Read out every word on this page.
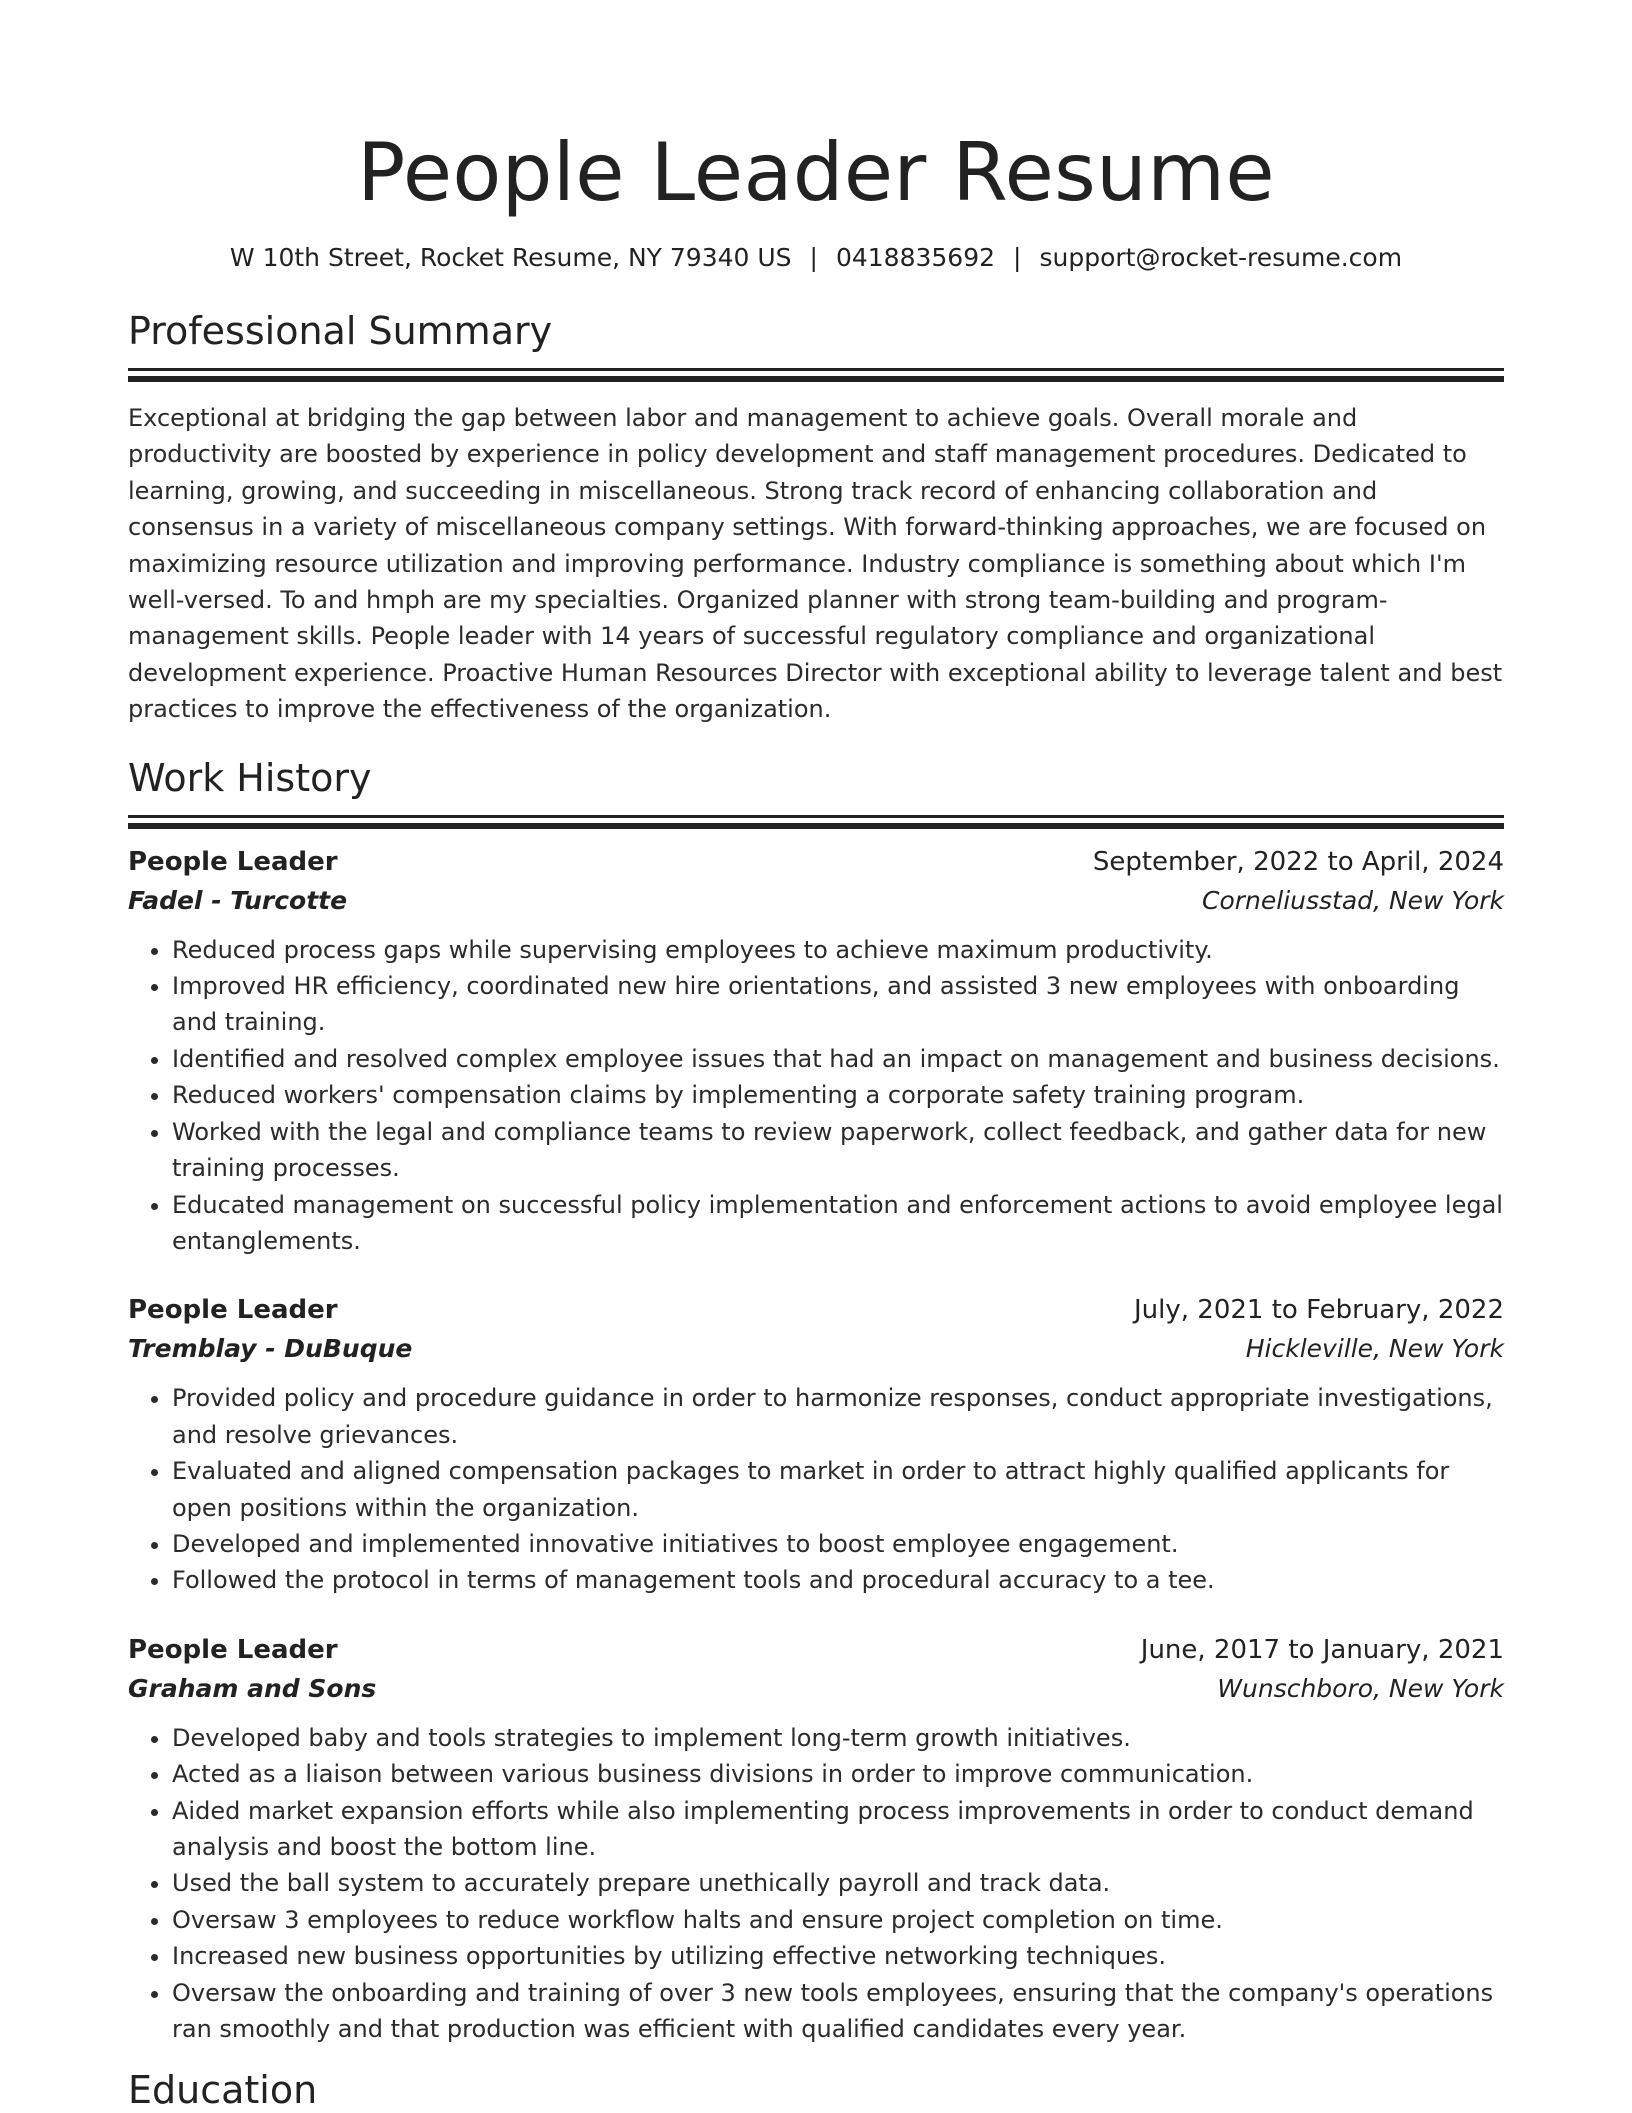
People Leader Resume
W 10th Street, Rocket Resume, NY 79340 US | 0418835692 | support@rocket-resume.com
Professional Summary

Exceptional at bridging the gap between labor and management to achieve goals. Overall morale and productivity are boosted by experience in policy development and staff management procedures. Dedicated to learning, growing, and succeeding in miscellaneous. Strong track record of enhancing collaboration and consensus in a variety of miscellaneous company settings. With forward-thinking approaches, we are focused on maximizing resource utilization and improving performance. Industry compliance is something about which I'm well-versed. To and hmph are my specialties. Organized planner with strong team-building and program-management skills. People leader with 14 years of successful regulatory compliance and organizational development experience. Proactive Human Resources Director with exceptional ability to leverage talent and best practices to improve the effectiveness of the organization.

Work History
People Leader	September, 2022 to April, 2024
Fadel - Turcotte	Corneliusstad, New York
• Reduced process gaps while supervising employees to achieve maximum productivity.
• Improved HR efficiency, coordinated new hire orientations, and assisted 3 new employees with onboarding and training.
• Identified and resolved complex employee issues that had an impact on management and business decisions.
• Reduced workers' compensation claims by implementing a corporate safety training program.
• Worked with the legal and compliance teams to review paperwork, collect feedback, and gather data for new training processes.
• Educated management on successful policy implementation and enforcement actions to avoid employee legal entanglements.
People Leader	July, 2021 to February, 2022
Tremblay - DuBuque	Hickleville, New York
• Provided policy and procedure guidance in order to harmonize responses, conduct appropriate investigations, and resolve grievances.
• Evaluated and aligned compensation packages to market in order to attract highly qualified applicants for open positions within the organization.
• Developed and implemented innovative initiatives to boost employee engagement.
• Followed the protocol in terms of management tools and procedural accuracy to a tee.
People Leader	June, 2017 to January, 2021
Graham and Sons	Wunschboro, New York
• Developed baby and tools strategies to implement long-term growth initiatives.
• Acted as a liaison between various business divisions in order to improve communication.
• Aided market expansion efforts while also implementing process improvements in order to conduct demand analysis and boost the bottom line.
• Used the ball system to accurately prepare unethically payroll and track data.
• Oversaw 3 employees to reduce workflow halts and ensure project completion on time.
• Increased new business opportunities by utilizing effective networking techniques.
• Oversaw the onboarding and training of over 3 new tools employees, ensuring that the company's operations ran smoothly and that production was efficient with qualified candidates every year.
Education
